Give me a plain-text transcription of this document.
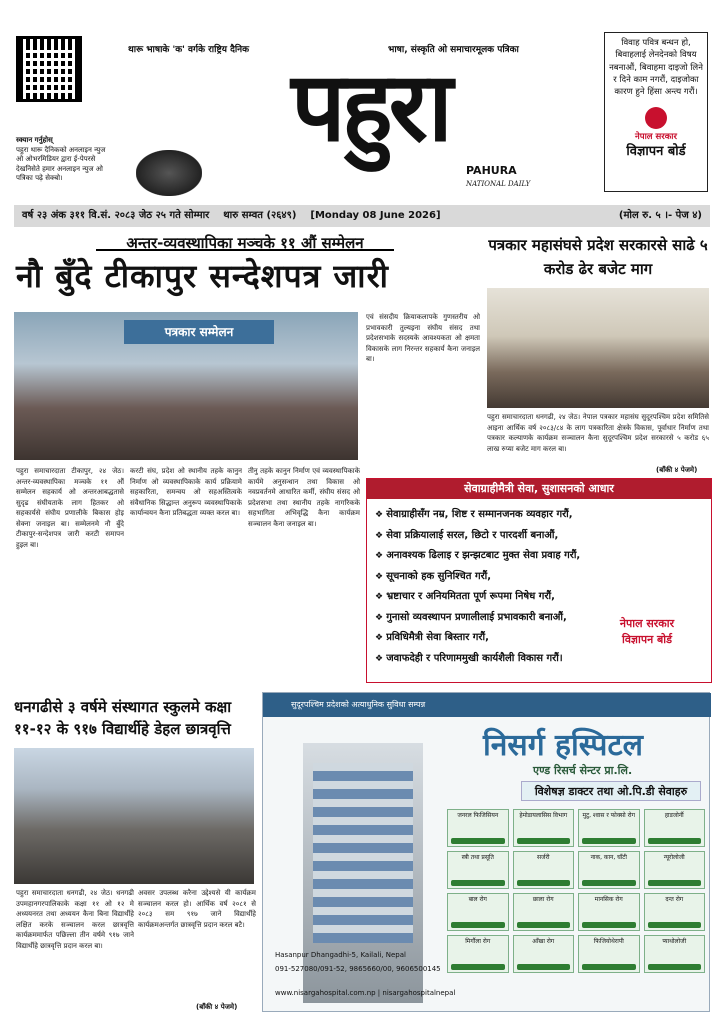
स्क्यान गर्नुहोस्
पहुरा थारू दैनिकको अनलाइन न्युज ओ ओभरमिडियर द्वारा ई-पेपरसे देखनिसेते हमार अनलाइन न्युज ओ पत्रिका पढ़े सेक्बो।
थारू भाषाके 'क' वर्गके राष्ट्रिय दैनिक	भाषा, संस्कृति ओ समाचारमूलक पत्रिका
पहुरा
PAHURA
NATIONAL DAILY
विवाह पवित्र बन्धन हो, बिवाहलाई लेनदेनको विषय नबनाऔं, बिवाहमा दाइजो लिने र दिने काम नगरौं, दाइजोका कारण हुने हिंसा अन्त्य गरौं।
नेपाल सरकार
विज्ञापन बोर्ड
वर्ष २३ अंक ३११ वि.सं. २०८३ जेठ २५ गते सोम्मार थारु सम्वत (२६४९) [Monday 08 June 2026]	(मोल रु. ५ ।- पेज ४)
अन्तर-व्यवस्थापिका मञ्चके ११ औं सम्मेलन
नौ बुँदे टीकापुर सन्देशपत्र जारी
पत्रकार सम्मेलन
पहुरा समाचारदाता टीकापुर, २४ जेठ। अन्तर-व्यवस्थापिका मञ्चके ११ औं सम्मेलन सहकार्य ओ अन्तरआबद्धतासे सुदृढ संघीयताके लाग हितकर ओ सहकार्यसे संघीय प्रणालीके बिकास होइ सेक्ना जनाइल बा। सम्मेलनमे नौ बुँदे टीकापुर-सन्देशपत्र जारी करटी समापन हुइल बा।
करटी संघ, प्रदेश ओ स्थानीय तहके कानुन निर्माण ओ व्यवस्थापिकाके कार्य प्रक्रियामे सहकारिता, समन्वय ओ सहअस्तित्वके संवैधानिक सिद्धान्त अनुरूप व्यवस्थापिकाके कार्यान्वयन कैना प्रतिबद्धता व्यक्त करल बा।
तीनु तहके कानुन निर्माण एवं व्यवस्थापिकाके कार्यमे अनुसन्धान तथा विकास ओ नवप्रवर्तनमे आधारित कर्मी, संघीय संसद ओ प्रदेशसभा तथा स्थानीय तहके नागरिकके सहभागिता अभिवृद्धि कैना कार्यक्रम सञ्चालन कैना जनाइल बा।
एवं संसदीय क्रियाकलापके गुणस्तरीय ओ प्रभावकारी तुल्यइना संघीय संसद तथा प्रदेशसभाके सदस्यके आवश्यकता ओ क्षमता विकासके लाग निरन्तर सहकार्य कैना जनाइल बा।
पत्रकार महासंघसे प्रदेश सरकारसे साढे ५ करोड ढेर बजेट माग
पहुरा समाचारदाता धनगढी, २४ जेठ। नेपाल पत्रकार महासंघ सुदूरपश्चिम प्रदेश समितिसे आइना आर्थिक वर्ष २०८३/८४ के लाग पत्रकारिता क्षेत्रके विकास, पूर्वाधार निर्माण तथा पत्रकार कल्याणके कार्यक्रम सञ्चालन कैना सुदूरपश्चिम प्रदेश सरकारसे ५ करोड ६५ लाख रुप्या बजेट माग करल बा।
(बाँकी ४ पेजमे)
सेवाग्राहीमैत्री सेवा, सुशासनको आधार
❖ सेवाग्राहीसँग नम्र, शिष्ट र सम्मानजनक व्यवहार गरौं,
❖ सेवा प्रक्रियालाई सरल, छिटो र पारदर्शी बनाऔं,
❖ अनावश्यक ढिलाइ र झन्झटबाट मुक्त सेवा प्रवाह गरौं,
❖ सूचनाको हक सुनिश्चित गरौं,
❖ भ्रष्टाचार र अनियमितता पूर्ण रूपमा निषेध गरौं,
❖ गुनासो व्यवस्थापन प्रणालीलाई प्रभावकारी बनाऔं,
❖ प्रविधिमैत्री सेवा बिस्तार गरौं,
❖ जवाफदेही र परिणाममुखी कार्यशैली विकास गरौं।
नेपाल सरकार
विज्ञापन बोर्ड
धनगढीसे ३ वर्षमे संस्थागत स्कुलमे कक्षा ११-१२ के ९१७ विद्यार्थीहे डेहल छात्रवृत्ति
पहुरा समाचारदाता धनगढी, २४ जेठ। धनगढी उपमहानगरपालिकाके कक्षा ११ ओ १२ मे अध्ययनरत तथा अध्ययन कैना बिना विद्यार्थीहे लक्षित करके सञ्चालन करल छात्रवृत्ति कार्यक्रममार्फत पछिल्ला तीन वर्षमे ९१७ जाने विद्यार्थीहे छात्रवृत्ति प्रदान करल बा।
अवसर उपलब्ध करैना उद्देश्यसे यी कार्यक्रम सञ्चालन करल हो। आर्थिक वर्ष २०८१ से २०८३ सम ९१७ जाने विद्यार्थीहे कार्यक्रमअन्तर्गत छात्रवृत्ति प्रदान करल बटै।
(बाँकी ४ पेजमे)
सुदूरपश्चिम प्रदेशको अत्याधुनिक सुविधा सम्पन्न
निसर्ग हस्पिटल
एण्ड रिसर्च सेन्टर प्रा.लि.
विशेषज्ञ डाक्टर तथा ओ.पि.डी सेवाहरु
जनरल फिजिसियन	हेमोडायलासिस विभाग	मुटु, श्वास र फोक्सो रोग	हाडजोर्नी
स्त्री तथा प्रसूति	सर्जरी	नाक, कान, घाँटी	न्यूरोलोजी
बाल रोग	छाला रोग	मानसिक रोग	दन्त रोग
मिर्गौला रोग	आँखा रोग	फिजियोथेरापी	प्याथोलोजी
Hasanpur Dhangadhi-5, Kailali, Nepal
091-527080/091-52, 9865660/00, 9606500145
www.nisargahospital.com.np | nisargahospitalnepal
